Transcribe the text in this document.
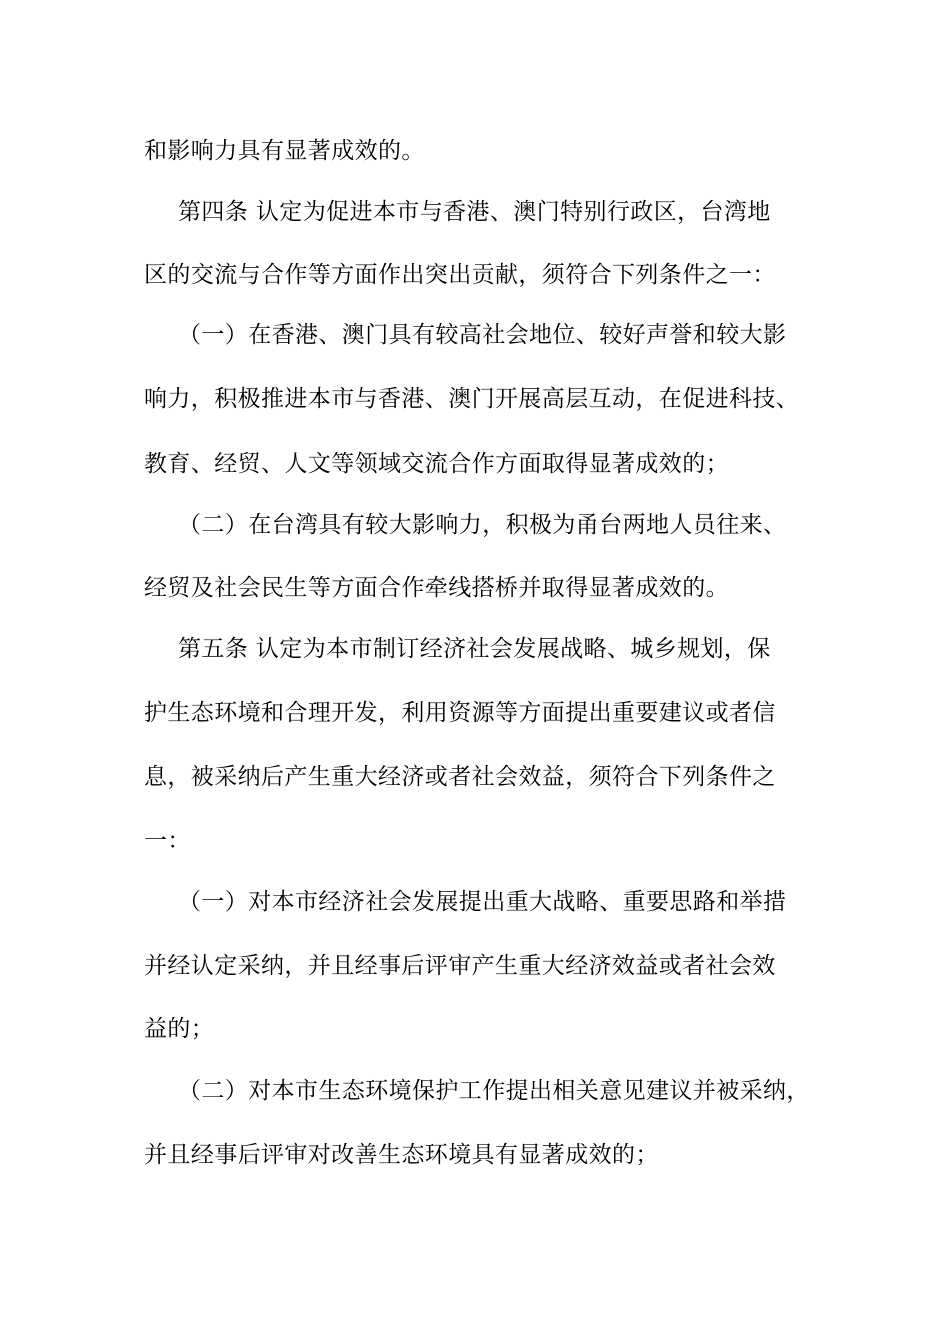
和影响力具有显著成效的。
第四条 认定为促进本市与香港、澳门特别行政区，台湾地
区的交流与合作等方面作出突出贡献，须符合下列条件之一：
（一）在香港、澳门具有较高社会地位、较好声誉和较大影
响力，积极推进本市与香港、澳门开展高层互动，在促进科技、
教育、经贸、人文等领域交流合作方面取得显著成效的；
（二）在台湾具有较大影响力，积极为甬台两地人员往来、
经贸及社会民生等方面合作牵线搭桥并取得显著成效的。
第五条 认定为本市制订经济社会发展战略、城乡规划，保
护生态环境和合理开发，利用资源等方面提出重要建议或者信
息，被采纳后产生重大经济或者社会效益，须符合下列条件之
一：
（一）对本市经济社会发展提出重大战略、重要思路和举措
并经认定采纳，并且经事后评审产生重大经济效益或者社会效
益的；
（二）对本市生态环境保护工作提出相关意见建议并被采纳，
并且经事后评审对改善生态环境具有显著成效的；
